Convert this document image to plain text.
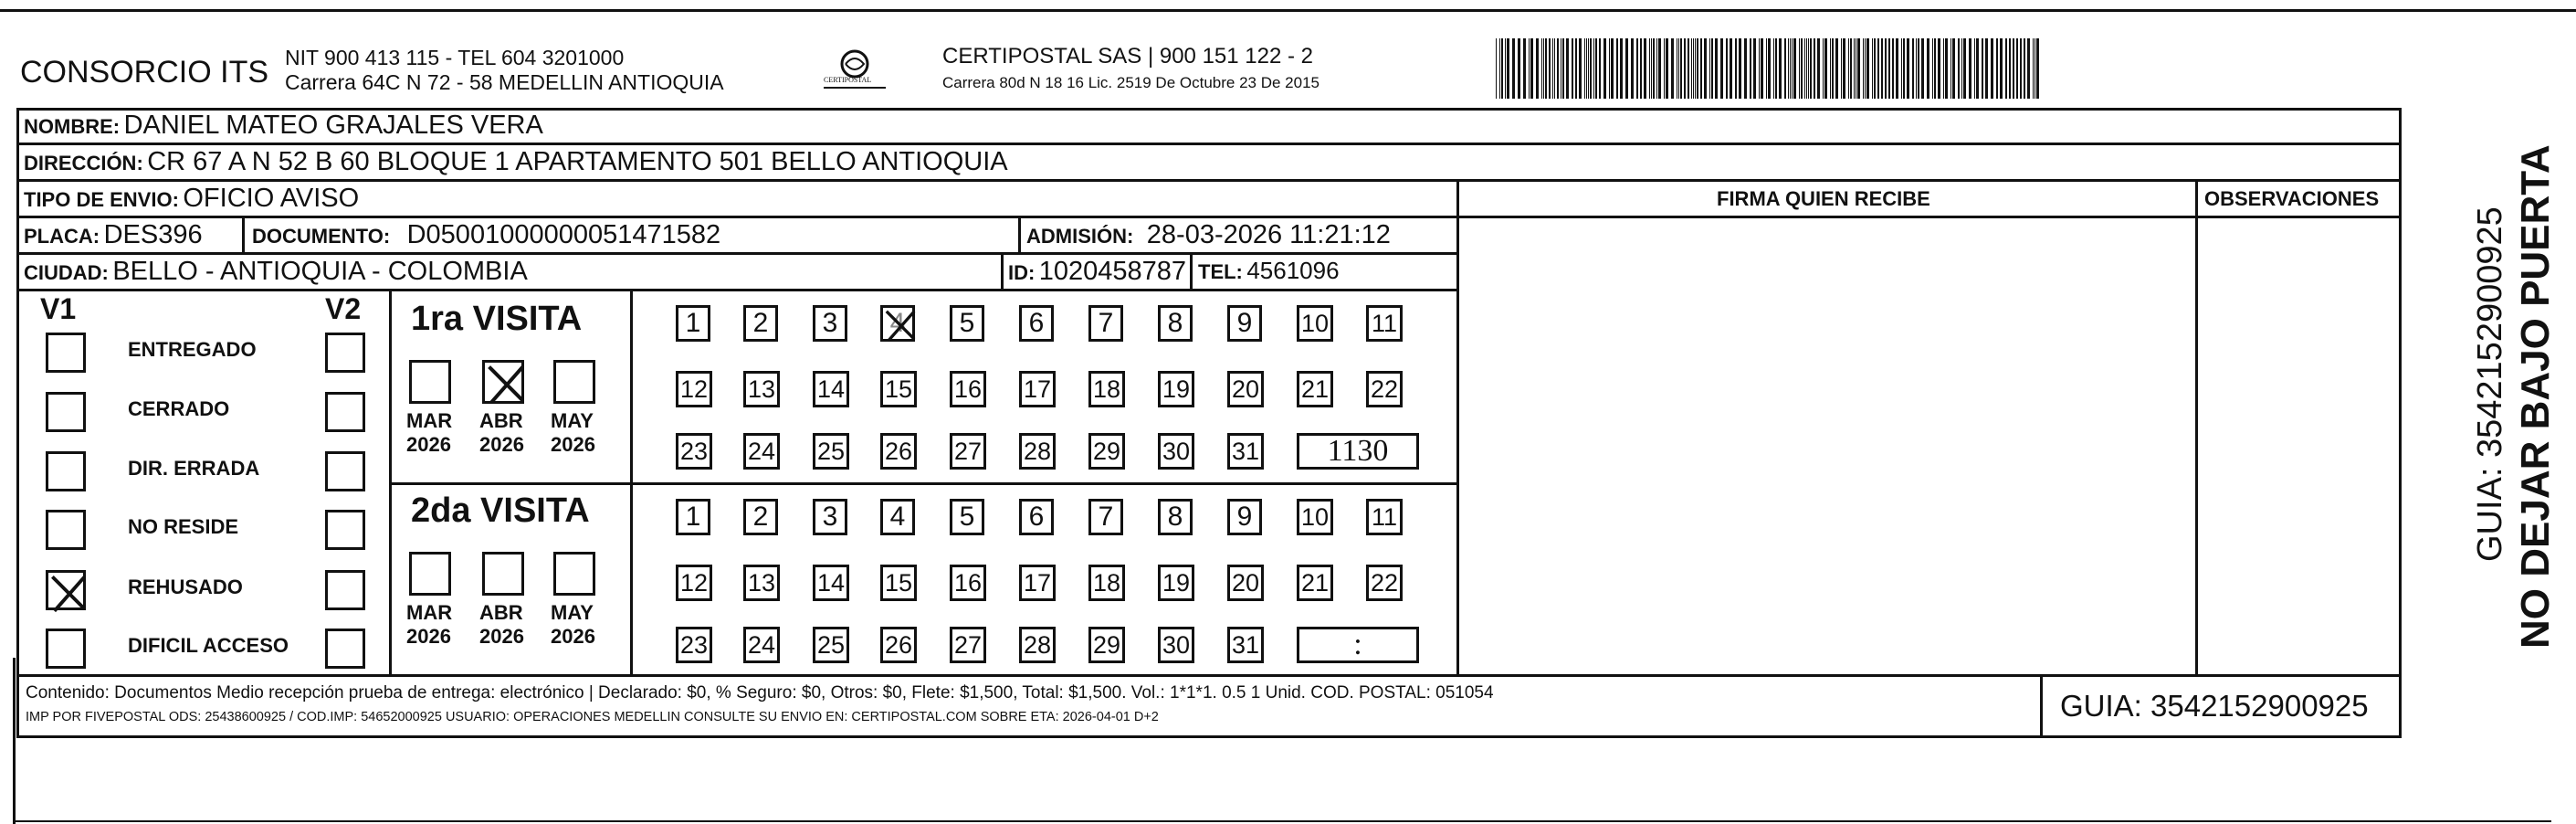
CONSORCIO ITS NIT 900 413 115 - TEL 604 3201000
Carrera 64C N 72 - 58 MEDELLIN ANTIOQUIA	CERTIPOSTAL
CERTIPOSTAL SAS | 900 151 122 - 2
Carrera 80d N 18 16 Lic. 2519 De Octubre 23 De 2015
NOMBRE: DANIEL MATEO GRAJALES VERA
DIRECCIÓN: CR 67 A N 52 B 60 BLOQUE 1 APARTAMENTO 501 BELLO ANTIOQUIA
TIPO DE ENVIO: OFICIO AVISO	FIRMA QUIEN RECIBE	OBSERVACIONES
PLACA: DES396 DOCUMENTO: D05001000000051471582	ADMISIÓN: 28-03-2026 11:21:12
CIUDAD: BELLO - ANTIOQUIA - COLOMBIA	ID: 1020458787 TEL: 4561096
V1	V2 1ra VISITA
2da VISITA
Contenido: Documentos Medio recepción prueba de entrega: electrónico | Declarado: $0, % Seguro: $0, Otros: $0, Flete: $1,500, Total: $1,500. Vol.: 1*1*1. 0.5 1 Unid. COD. POSTAL: 051054
IMP POR FIVEPOSTAL ODS: 25438600925 / COD.IMP: 54652000925 USUARIO: OPERACIONES MEDELLIN CONSULTE SU ENVIO EN: CERTIPOSTAL.COM SOBRE ETA: 2026-04-01 D+2	GUIA: 3542152900925
NO DEJAR BAJO PUERTA
GUIA: 3542152900925
ENTREGADO
CERRADO
DIR. ERRADA
NO RESIDE
REHUSADO
DIFICIL ACCESO
MAR
2026
ABR
2026
MAY
2026
MAR
2026
ABR
2026
MAY
2026
1	2	3	4	5	6	7	8	9	10 11
12 13 14 15 16 17 18 19 20 21 22
23 24 25 26 27 28 29 30 31	1130
1	2	3	4	5	6	7	8	9	10 11
12 13 14 15 16 17 18 19 20 21 22
23 24 25 26 27 28 29 30 31	:
